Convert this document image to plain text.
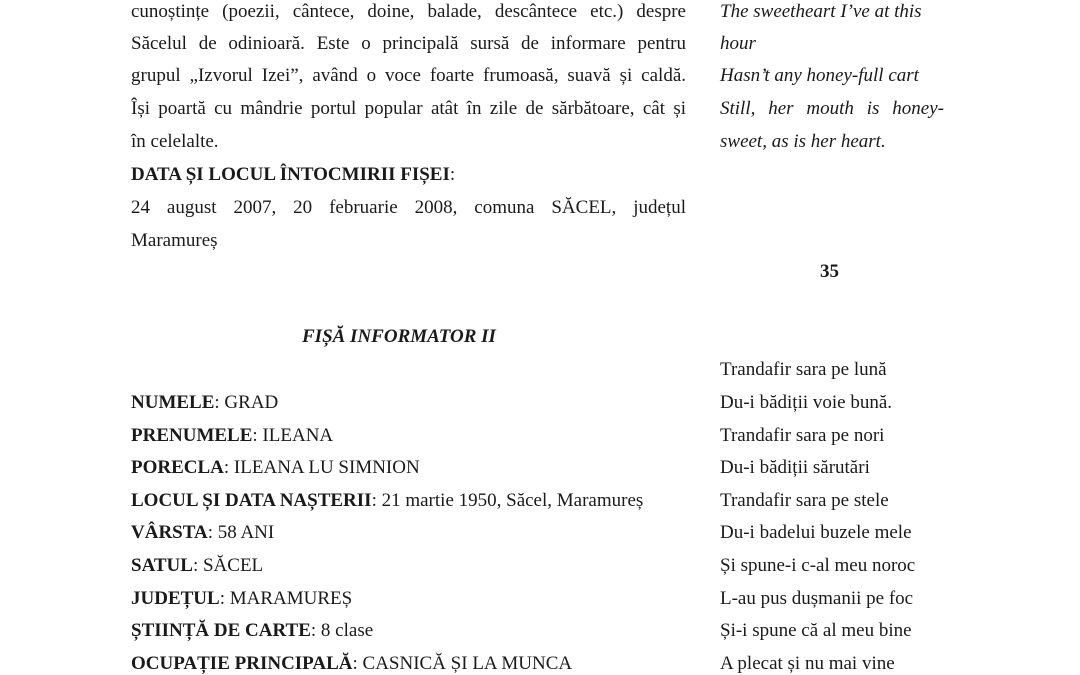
cunoștințe (poezii, cântece, doine, balade, descântece etc.) despre
Săcelul de odinioară. Este o principală sursă de informare pentru
grupul „Izvorul Izei”, având o voce foarte frumoasă, suavă și caldă.
Își poartă cu mândrie portul popular atât în zile de sărbătoare, cât și
în celelalte.
DATA ȘI LOCUL ÎNTOCMIRII FIȘEI:
24 august 2007, 20 februarie 2008, comuna SĂCEL, județul
Maramureș
NUMELE: GRAD
PRENUMELE: ILEANA
PORECLA: ILEANA LU SIMNION
LOCUL ȘI DATA NAȘTERII: 21 martie 1950, Săcel, Maramureș
VÂRSTA: 58 ANI
SATUL: SĂCEL
JUDEȚUL: MARAMUREȘ
ȘTIINȚĂ DE CARTE: 8 clase
OCUPAȚIE PRINCIPALĂ: CASNICĂ ȘI LA MUNCA
FIȘĂ INFORMATOR II
The sweetheart I’ve at this
hour
Hasn’t any honey-full cart
Still, her mouth is honey-
sweet, as is her heart.
Trandafir sara pe lună
Du-i bădiții voie bună.
Trandafir sara pe nori
Du-i bădiții sărutări
Trandafir sara pe stele
Du-i badelui buzele mele
Și spune-i c-al meu noroc
L-au pus dușmanii pe foc
Și-i spune că al meu bine
A plecat și nu mai vine
35
